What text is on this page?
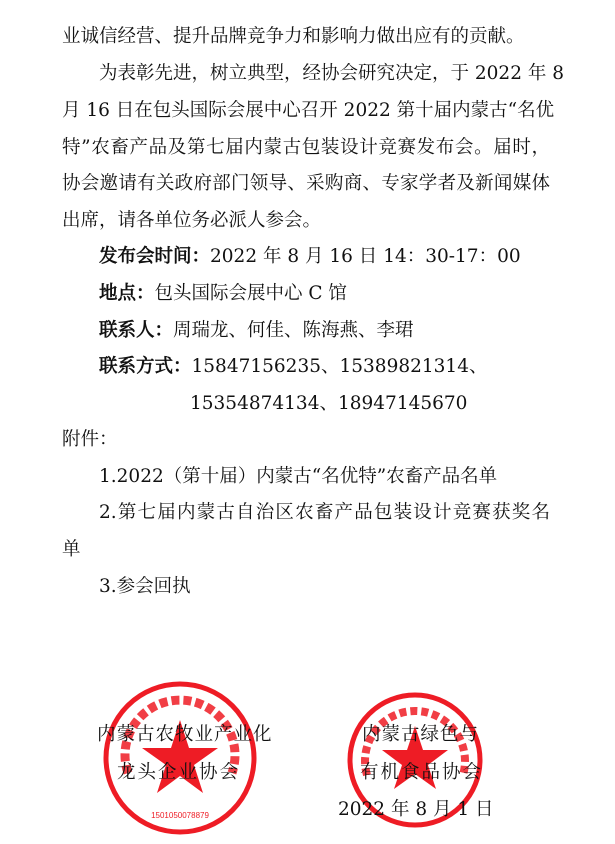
业诚信经营、提升品牌竞争力和影响力做出应有的贡献。
为表彰先进，树立典型，经协会研究决定，于 2022 年 8
月 16 日在包头国际会展中心召开 2022 第十届内蒙古“名优
特”农畜产品及第七届内蒙古包装设计竞赛发布会。届时，
协会邀请有关政府部门领导、采购商、专家学者及新闻媒体
出席，请各单位务必派人参会。
发布会时间：2022 年 8 月 16 日 14：30-17：00
地点：包头国际会展中心 C 馆
联系人：周瑞龙、何佳、陈海燕、李珺
联系方式：15847156235、15389821314、
15354874134、18947145670
附件：
1.2022（第十届）内蒙古“名优特”农畜产品名单
2.第七届内蒙古自治区农畜产品包装设计竞赛获奖名
单
3.参会回执
1501050078879
内蒙古农牧业产业化
龙头企业协会
内蒙古绿色与
有机食品协会
2022 年 8 月 1 日
